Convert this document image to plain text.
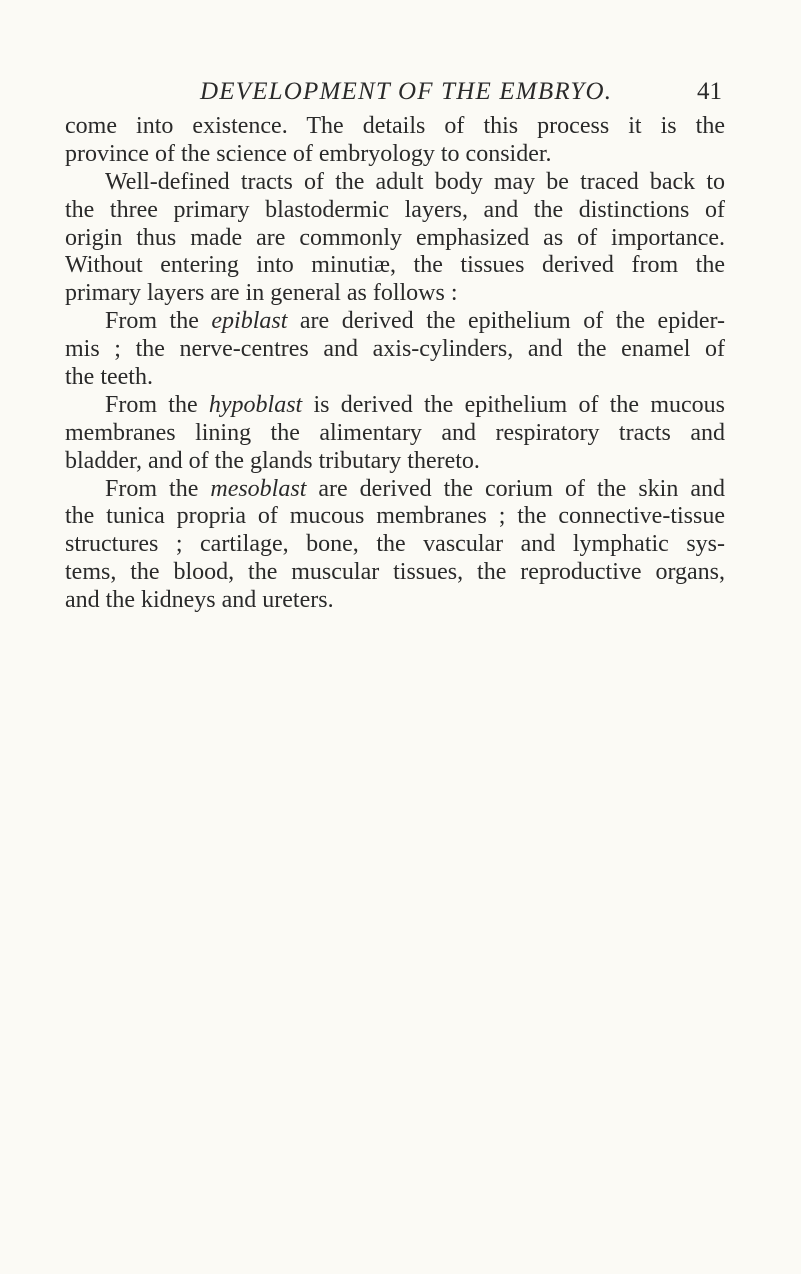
DEVELOPMENT OF THE EMBRYO.	41
come into existence. The details of this process it is the
province of the science of embryology to consider.
Well-defined tracts of the adult body may be traced back to
the three primary blastodermic layers, and the distinctions of
origin thus made are commonly emphasized as of importance.
Without entering into minutiæ, the tissues derived from the
primary layers are in general as follows :
From the epiblast are derived the epithelium of the epider-
mis ; the nerve-centres and axis-cylinders, and the enamel of
the teeth.
From the hypoblast is derived the epithelium of the mucous
membranes lining the alimentary and respiratory tracts and
bladder, and of the glands tributary thereto.
From the mesoblast are derived the corium of the skin and
the tunica propria of mucous membranes ; the connective-tissue
structures ; cartilage, bone, the vascular and lymphatic sys-
tems, the blood, the muscular tissues, the reproductive organs,
and the kidneys and ureters.
